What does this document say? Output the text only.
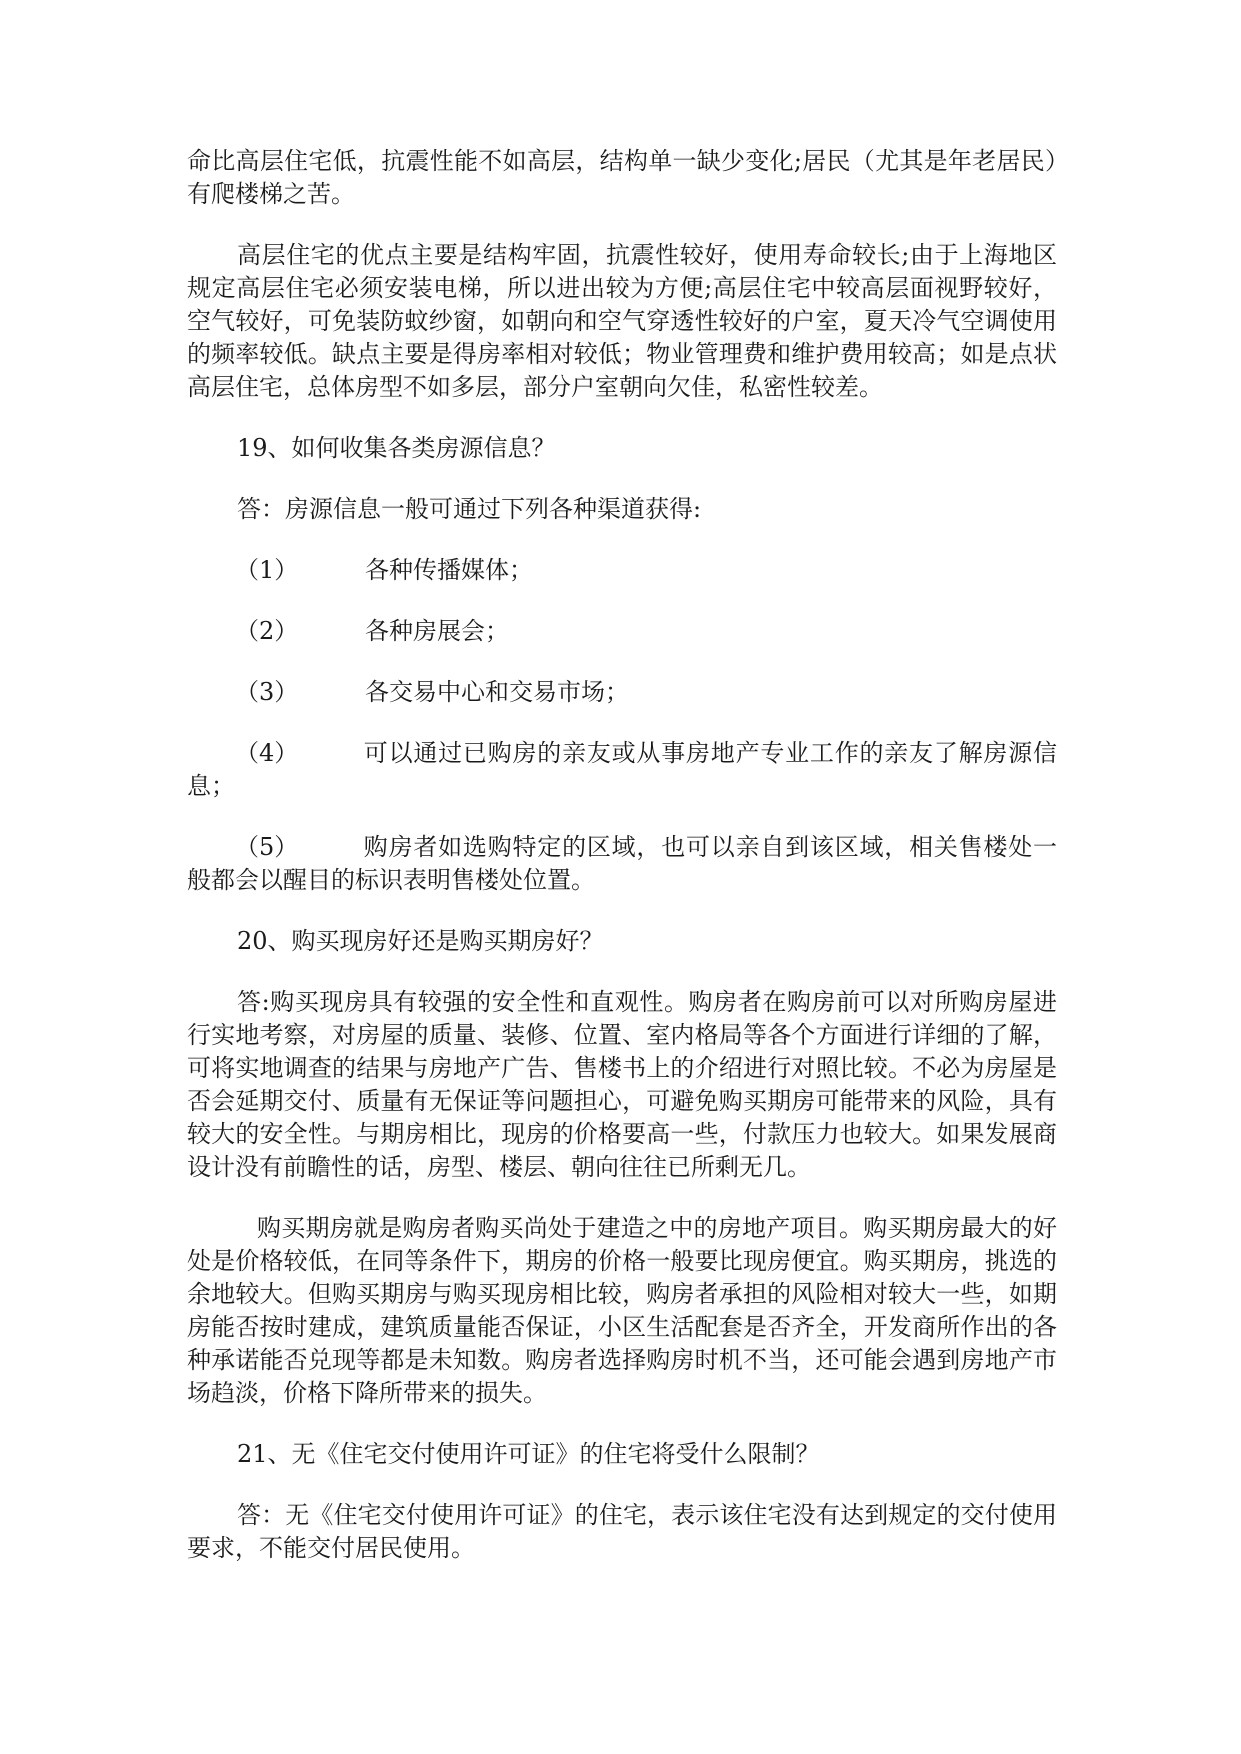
命比高层住宅低，抗震性能不如高层，结构单一缺少变化;居民（尤其是年老居民）有爬楼梯之苦。

高层住宅的优点主要是结构牢固，抗震性较好，使用寿命较长;由于上海地区规定高层住宅必须安装电梯，所以进出较为方便;高层住宅中较高层面视野较好，空气较好，可免装防蚊纱窗，如朝向和空气穿透性较好的户室，夏天冷气空调使用的频率较低。缺点主要是得房率相对较低；物业管理费和维护费用较高；如是点状高层住宅，总体房型不如多层，部分户室朝向欠佳，私密性较差。

19、如何收集各类房源信息？

答：房源信息一般可通过下列各种渠道获得:

（1）	各种传播媒体；

（2）	各种房展会；

（3）	各交易中心和交易市场；

（4）	可以通过已购房的亲友或从事房地产专业工作的亲友了解房源信息；

（5）	购房者如选购特定的区域，也可以亲自到该区域，相关售楼处一般都会以醒目的标识表明售楼处位置。

20、购买现房好还是购买期房好？

答:购买现房具有较强的安全性和直观性。购房者在购房前可以对所购房屋进行实地考察，对房屋的质量、装修、位置、室内格局等各个方面进行详细的了解，可将实地调查的结果与房地产广告、售楼书上的介绍进行对照比较。不必为房屋是否会延期交付、质量有无保证等问题担心，可避免购买期房可能带来的风险，具有较大的安全性。与期房相比，现房的价格要高一些，付款压力也较大。如果发展商设计没有前瞻性的话，房型、楼层、朝向往往已所剩无几。

购买期房就是购房者购买尚处于建造之中的房地产项目。购买期房最大的好处是价格较低，在同等条件下，期房的价格一般要比现房便宜。购买期房，挑选的余地较大。但购买期房与购买现房相比较，购房者承担的风险相对较大一些，如期房能否按时建成，建筑质量能否保证，小区生活配套是否齐全，开发商所作出的各种承诺能否兑现等都是未知数。购房者选择购房时机不当，还可能会遇到房地产市场趋淡，价格下降所带来的损失。

21、无《住宅交付使用许可证》的住宅将受什么限制？

答：无《住宅交付使用许可证》的住宅，表示该住宅没有达到规定的交付使用要求，不能交付居民使用。
